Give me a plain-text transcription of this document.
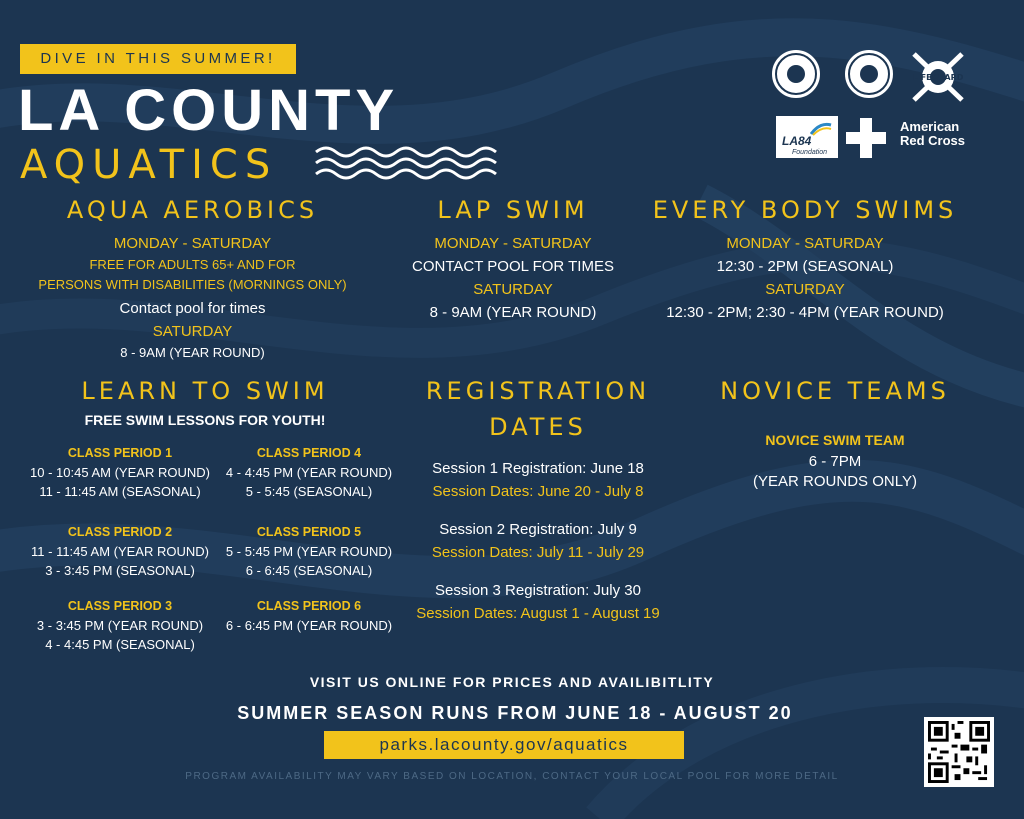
DIVE IN THIS SUMMER!
LA COUNTY
AQUATICS
LIFEGUARD
LA84
Foundation
American
Red Cross
AQUA AEROBICS
MONDAY - SATURDAY
FREE FOR ADULTS 65+ AND FOR
PERSONS WITH DISABILITIES (MORNINGS ONLY)
Contact pool for times
SATURDAY
8 - 9AM (YEAR ROUND)
LAP SWIM
MONDAY - SATURDAY
CONTACT POOL FOR TIMES
SATURDAY
8 - 9AM (YEAR ROUND)
EVERY BODY SWIMS
MONDAY - SATURDAY
12:30 - 2PM (SEASONAL)
SATURDAY
12:30 - 2PM; 2:30 - 4PM (YEAR ROUND)
LEARN TO SWIM
FREE SWIM LESSONS FOR YOUTH!
CLASS PERIOD 1
10 - 10:45 AM (YEAR ROUND)
11 - 11:45 AM (SEASONAL)
CLASS PERIOD 4
4 - 4:45 PM (YEAR ROUND)
5 - 5:45 (SEASONAL)
CLASS PERIOD 2
11 - 11:45 AM (YEAR ROUND)
3 - 3:45 PM (SEASONAL)
CLASS PERIOD 5
5 - 5:45 PM (YEAR ROUND)
6 - 6:45 (SEASONAL)
CLASS PERIOD 3
3 - 3:45 PM (YEAR ROUND)
4 - 4:45 PM (SEASONAL)
CLASS PERIOD 6
6 - 6:45 PM (YEAR ROUND)
REGISTRATION
DATES
Session 1 Registration: June 18
Session Dates: June 20 - July 8
Session 2 Registration: July 9
Session Dates: July 11 - July 29
Session 3 Registration: July 30
Session Dates: August 1 - August 19
NOVICE TEAMS
NOVICE SWIM TEAM
6 - 7PM
(YEAR ROUNDS ONLY)
VISIT US ONLINE FOR PRICES AND AVAILIBITLITY
SUMMER SEASON RUNS FROM JUNE 18 - AUGUST 20
parks.lacounty.gov/aquatics
PROGRAM AVAILABILITY MAY VARY BASED ON LOCATION, CONTACT YOUR LOCAL POOL FOR MORE DETAIL
